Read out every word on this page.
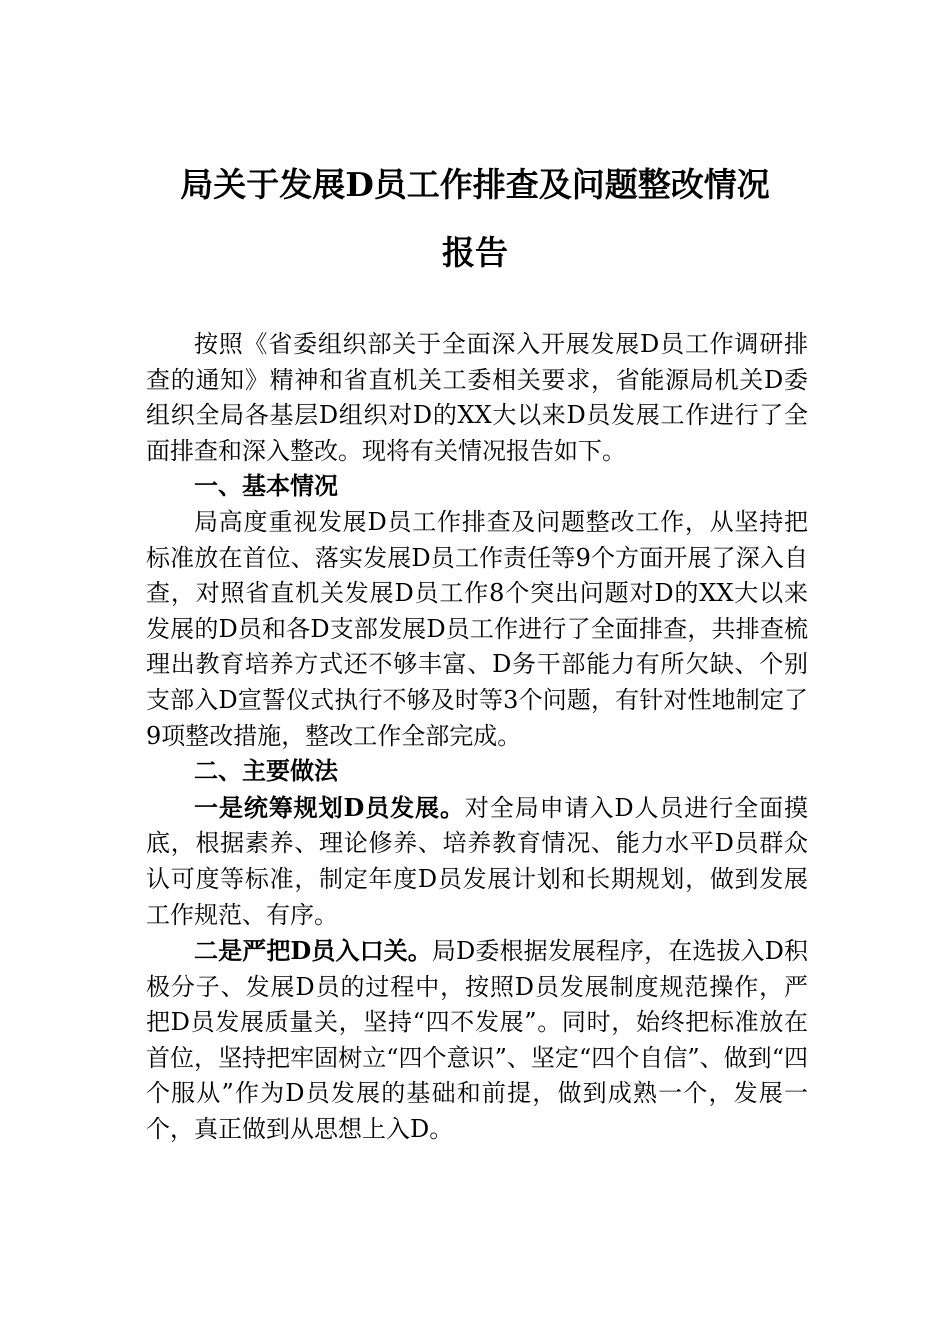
局关于发展D员工作排查及问题整改情况
报告

按照《省委组织部关于全面深入开展发展D员工作调研排查的通知》精神和省直机关工委相关要求，省能源局机关D委组织全局各基层D组织对D的XX大以来D员发展工作进行了全面排查和深入整改。现将有关情况报告如下。

一、基本情况

局高度重视发展D员工作排查及问题整改工作，从坚持把标准放在首位、落实发展D员工作责任等9个方面开展了深入自查，对照省直机关发展D员工作8个突出问题对D的XX大以来发展的D员和各D支部发展D员工作进行了全面排查，共排查梳理出教育培养方式还不够丰富、D务干部能力有所欠缺、个别支部入D宣誓仪式执行不够及时等3个问题，有针对性地制定了9项整改措施，整改工作全部完成。

二、主要做法

一是统筹规划D员发展。对全局申请入D人员进行全面摸底，根据素养、理论修养、培养教育情况、能力水平D员群众认可度等标准，制定年度D员发展计划和长期规划，做到发展工作规范、有序。

二是严把D员入口关。局D委根据发展程序，在选拔入D积极分子、发展D员的过程中，按照D员发展制度规范操作，严把D员发展质量关，坚持“四不发展”。同时，始终把标准放在首位，坚持把牢固树立“四个意识”、坚定“四个自信”、做到“四个服从”作为D员发展的基础和前提，做到成熟一个，发展一个，真正做到从思想上入D。
